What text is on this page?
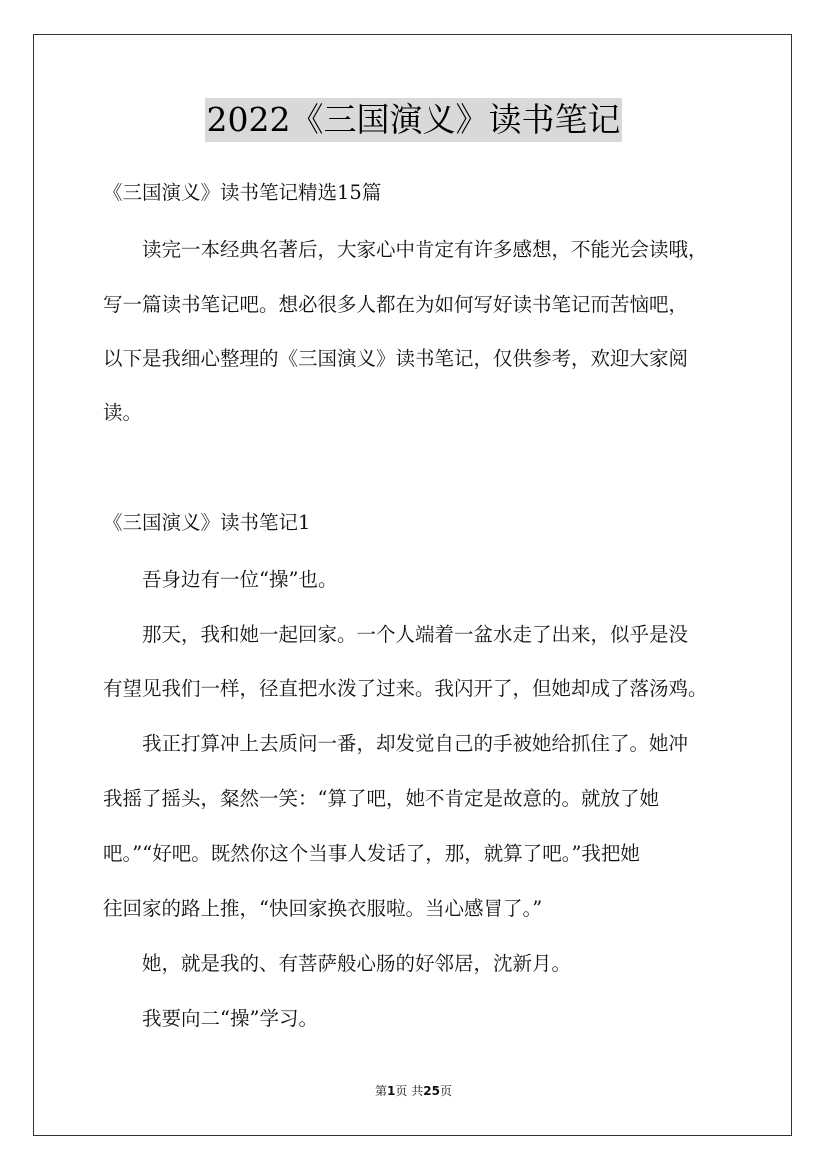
2022《三国演义》读书笔记
《三国演义》读书笔记精选15篇
读完一本经典名著后，大家心中肯定有许多感想，不能光会读哦，
写一篇读书笔记吧。想必很多人都在为如何写好读书笔记而苦恼吧，
以下是我细心整理的《三国演义》读书笔记，仅供参考，欢迎大家阅
读。
《三国演义》读书笔记1
吾身边有一位“操”也。
那天，我和她一起回家。一个人端着一盆水走了出来，似乎是没
有望见我们一样，径直把水泼了过来。我闪开了，但她却成了落汤鸡。
我正打算冲上去质问一番，却发觉自己的手被她给抓住了。她冲
我摇了摇头，粲然一笑：“算了吧，她不肯定是故意的。就放了她
吧。”“好吧。既然你这个当事人发话了，那，就算了吧。”我把她
往回家的路上推，“快回家换衣服啦。当心感冒了。”
她，就是我的、有菩萨般心肠的好邻居，沈新月。
我要向二“操”学习。
第1页 共25页
